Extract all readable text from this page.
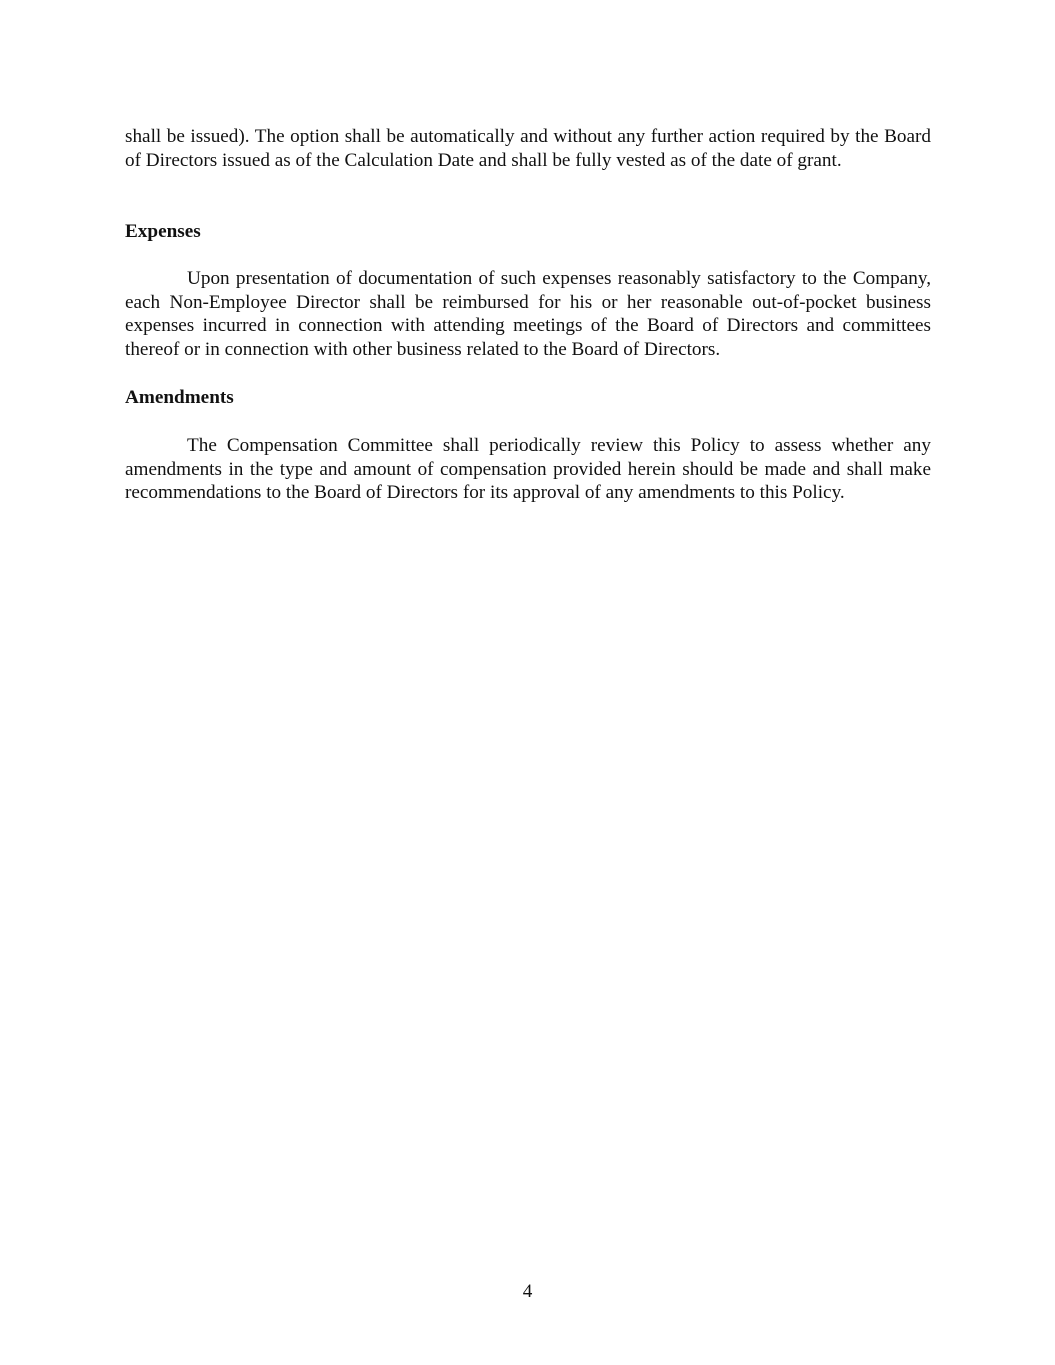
shall be issued). The option shall be automatically and without any further action required by the Board of Directors issued as of the Calculation Date and shall be fully vested as of the date of grant.

Expenses

Upon presentation of documentation of such expenses reasonably satisfactory to the Company, each Non-Employee Director shall be reimbursed for his or her reasonable out-of-pocket business expenses incurred in connection with attending meetings of the Board of Directors and committees thereof or in connection with other business related to the Board of Directors.

Amendments

The Compensation Committee shall periodically review this Policy to assess whether any amendments in the type and amount of compensation provided herein should be made and shall make recommendations to the Board of Directors for its approval of any amendments to this Policy.

4
